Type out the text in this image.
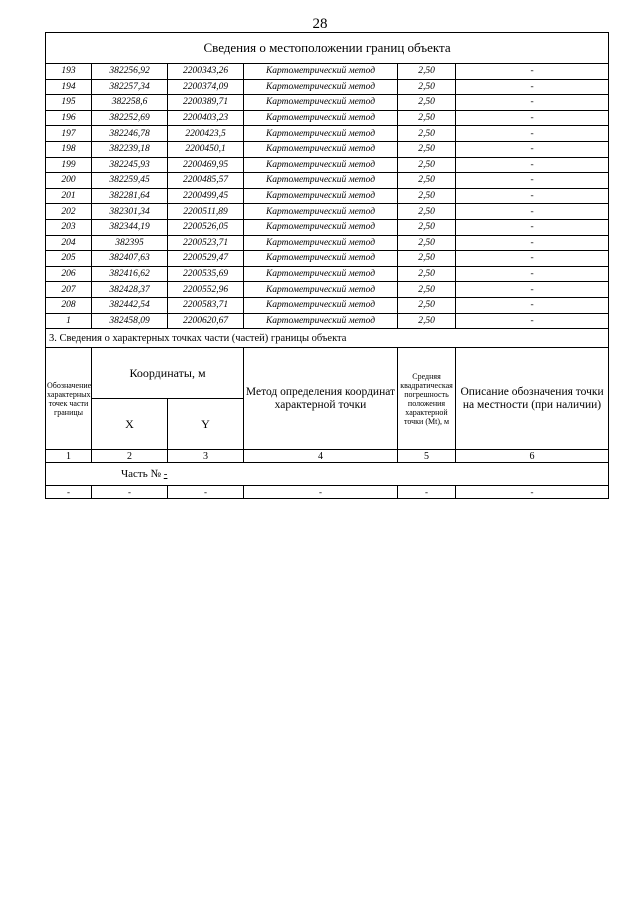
28
Сведения о местоположении границ объекта					
193	382256,92	2200343,26	Картометрический метод	2,50	-
194	382257,34	2200374,09	Картометрический метод	2,50	-
195	382258,6	2200389,71	Картометрический метод	2,50	-
196	382252,69	2200403,23	Картометрический метод	2,50	-
197	382246,78	2200423,5	Картометрический метод	2,50	-
198	382239,18	2200450,1	Картометрический метод	2,50	-
199	382245,93	2200469,95	Картометрический метод	2,50	-
200	382259,45	2200485,57	Картометрический метод	2,50	-
201	382281,64	2200499,45	Картометрический метод	2,50	-
202	382301,34	2200511,89	Картометрический метод	2,50	-
203	382344,19	2200526,05	Картометрический метод	2,50	-
204	382395	2200523,71	Картометрический метод	2,50	-
205	382407,63	2200529,47	Картометрический метод	2,50	-
206	382416,62	2200535,69	Картометрический метод	2,50	-
207	382428,37	2200552,96	Картометрический метод	2,50	-
208	382442,54	2200583,71	Картометрический метод	2,50	-
1	382458,09	2200620,67	Картометрический метод	2,50	-
3. Сведения о характерных точках части (частей) границы объекта					
Обозначение характерных точек части границы	Координаты, м		Метод определения координат характерной точки	Средняя квадратическая погрешность положения характерной точки (Мt), м	Описание обозначения точки на местности (при наличии)
	X	Y			
1	2	3	4	5	6
Часть № -					
-	-	-	-	-	-
